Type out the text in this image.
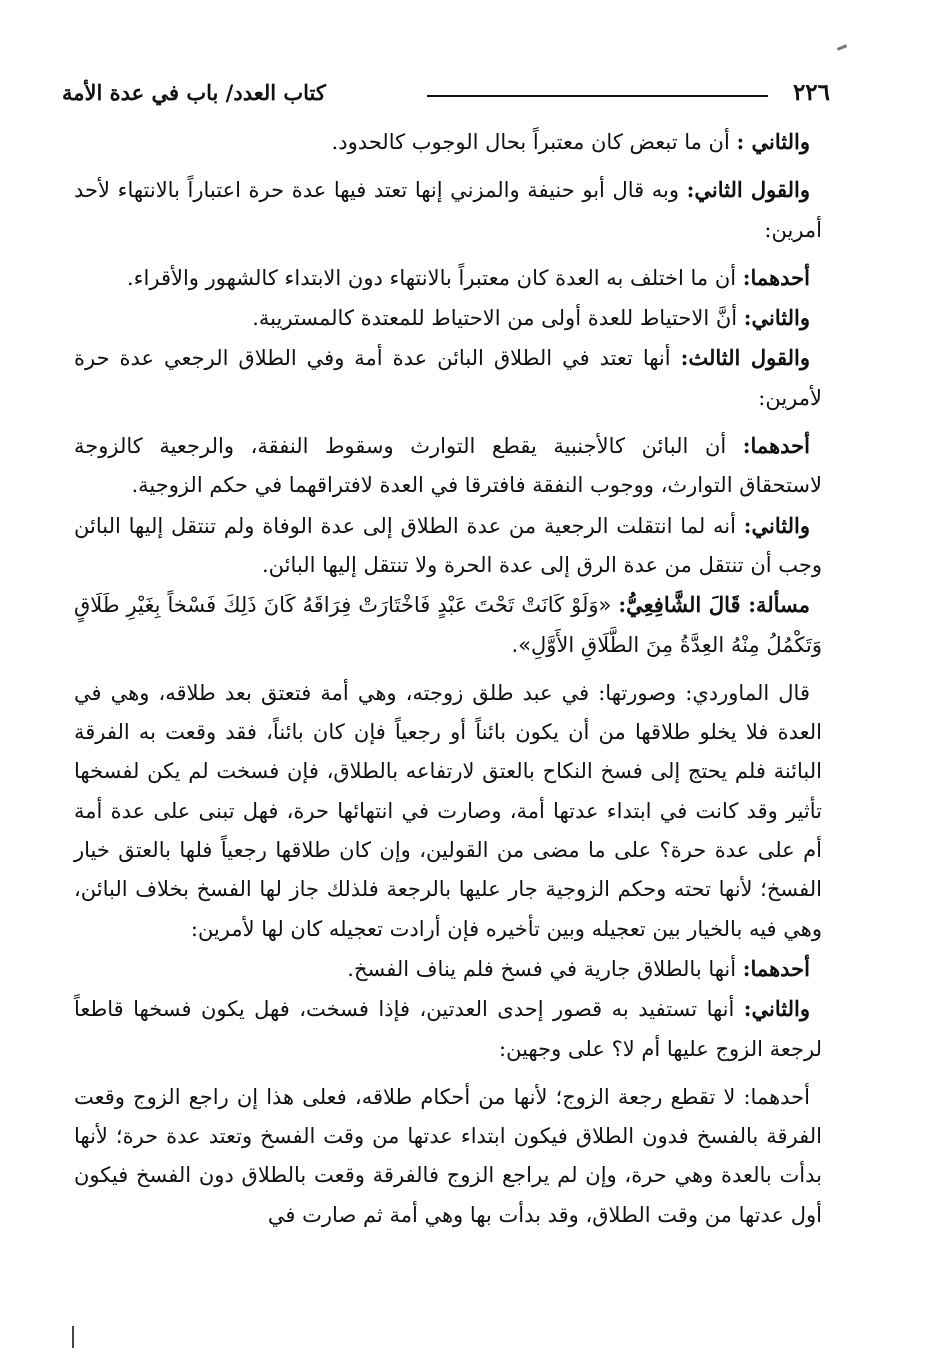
٢٢٦
كتاب العدد/ باب في عدة الأمة

والثاني : أن ما تبعض كان معتبراً بحال الوجوب كالحدود.

والقول الثاني: وبه قال أبو حنيفة والمزني إنها تعتد فيها عدة حرة اعتباراً بالانتهاء لأحد أمرين:

أحدهما: أن ما اختلف به العدة كان معتبراً بالانتهاء دون الابتداء كالشهور والأقراء.

والثاني: أنَّ الاحتياط للعدة أولى من الاحتياط للمعتدة كالمستريبة.

والقول الثالث: أنها تعتد في الطلاق البائن عدة أمة وفي الطلاق الرجعي عدة حرة لأمرين:

أحدهما: أن البائن كالأجنبية يقطع التوارث وسقوط النفقة، والرجعية كالزوجة لاستحقاق التوارث، ووجوب النفقة فافترقا في العدة لافتراقهما في حكم الزوجية.

والثاني: أنه لما انتقلت الرجعية من عدة الطلاق إلى عدة الوفاة ولم تنتقل إليها البائن وجب أن تنتقل من عدة الرق إلى عدة الحرة ولا تنتقل إليها البائن.

مسألة: قَالَ الشَّافِعِيُّ: «وَلَوْ كَانَتْ تَحْتَ عَبْدٍ فَاخْتَارَتْ فِرَاقَهُ كَانَ ذَلِكَ فَسْخاً بِغَيْرِ طَلَاقٍ وَتَكْمُلُ مِنْهُ العِدَّةُ مِنَ الطَّلَاقِ الأَوَّلِ».

قال الماوردي: وصورتها: في عبد طلق زوجته، وهي أمة فتعتق بعد طلاقه، وهي في العدة فلا يخلو طلاقها من أن يكون بائناً أو رجعياً فإن كان بائناً، فقد وقعت به الفرقة البائنة فلم يحتج إلى فسخ النكاح بالعتق لارتفاعه بالطلاق، فإن فسخت لم يكن لفسخها تأثير وقد كانت في ابتداء عدتها أمة، وصارت في انتهائها حرة، فهل تبنى على عدة أمة أم على عدة حرة؟ على ما مضى من القولين، وإن كان طلاقها رجعياً فلها بالعتق خيار الفسخ؛ لأنها تحته وحكم الزوجية جار عليها بالرجعة فلذلك جاز لها الفسخ بخلاف البائن، وهي فيه بالخيار بين تعجيله وبين تأخيره فإن أرادت تعجيله كان لها لأمرين:

أحدهما: أنها بالطلاق جارية في فسخ فلم يناف الفسخ.

والثاني: أنها تستفيد به قصور إحدى العدتين، فإذا فسخت، فهل يكون فسخها قاطعاً لرجعة الزوج عليها أم لا؟ على وجهين:

أحدهما: لا تقطع رجعة الزوج؛ لأنها من أحكام طلاقه، فعلى هذا إن راجع الزوج وقعت الفرقة بالفسخ فدون الطلاق فيكون ابتداء عدتها من وقت الفسخ وتعتد عدة حرة؛ لأنها بدأت بالعدة وهي حرة، وإن لم يراجع الزوج فالفرقة وقعت بالطلاق دون الفسخ فيكون أول عدتها من وقت الطلاق، وقد بدأت بها وهي أمة ثم صارت في
